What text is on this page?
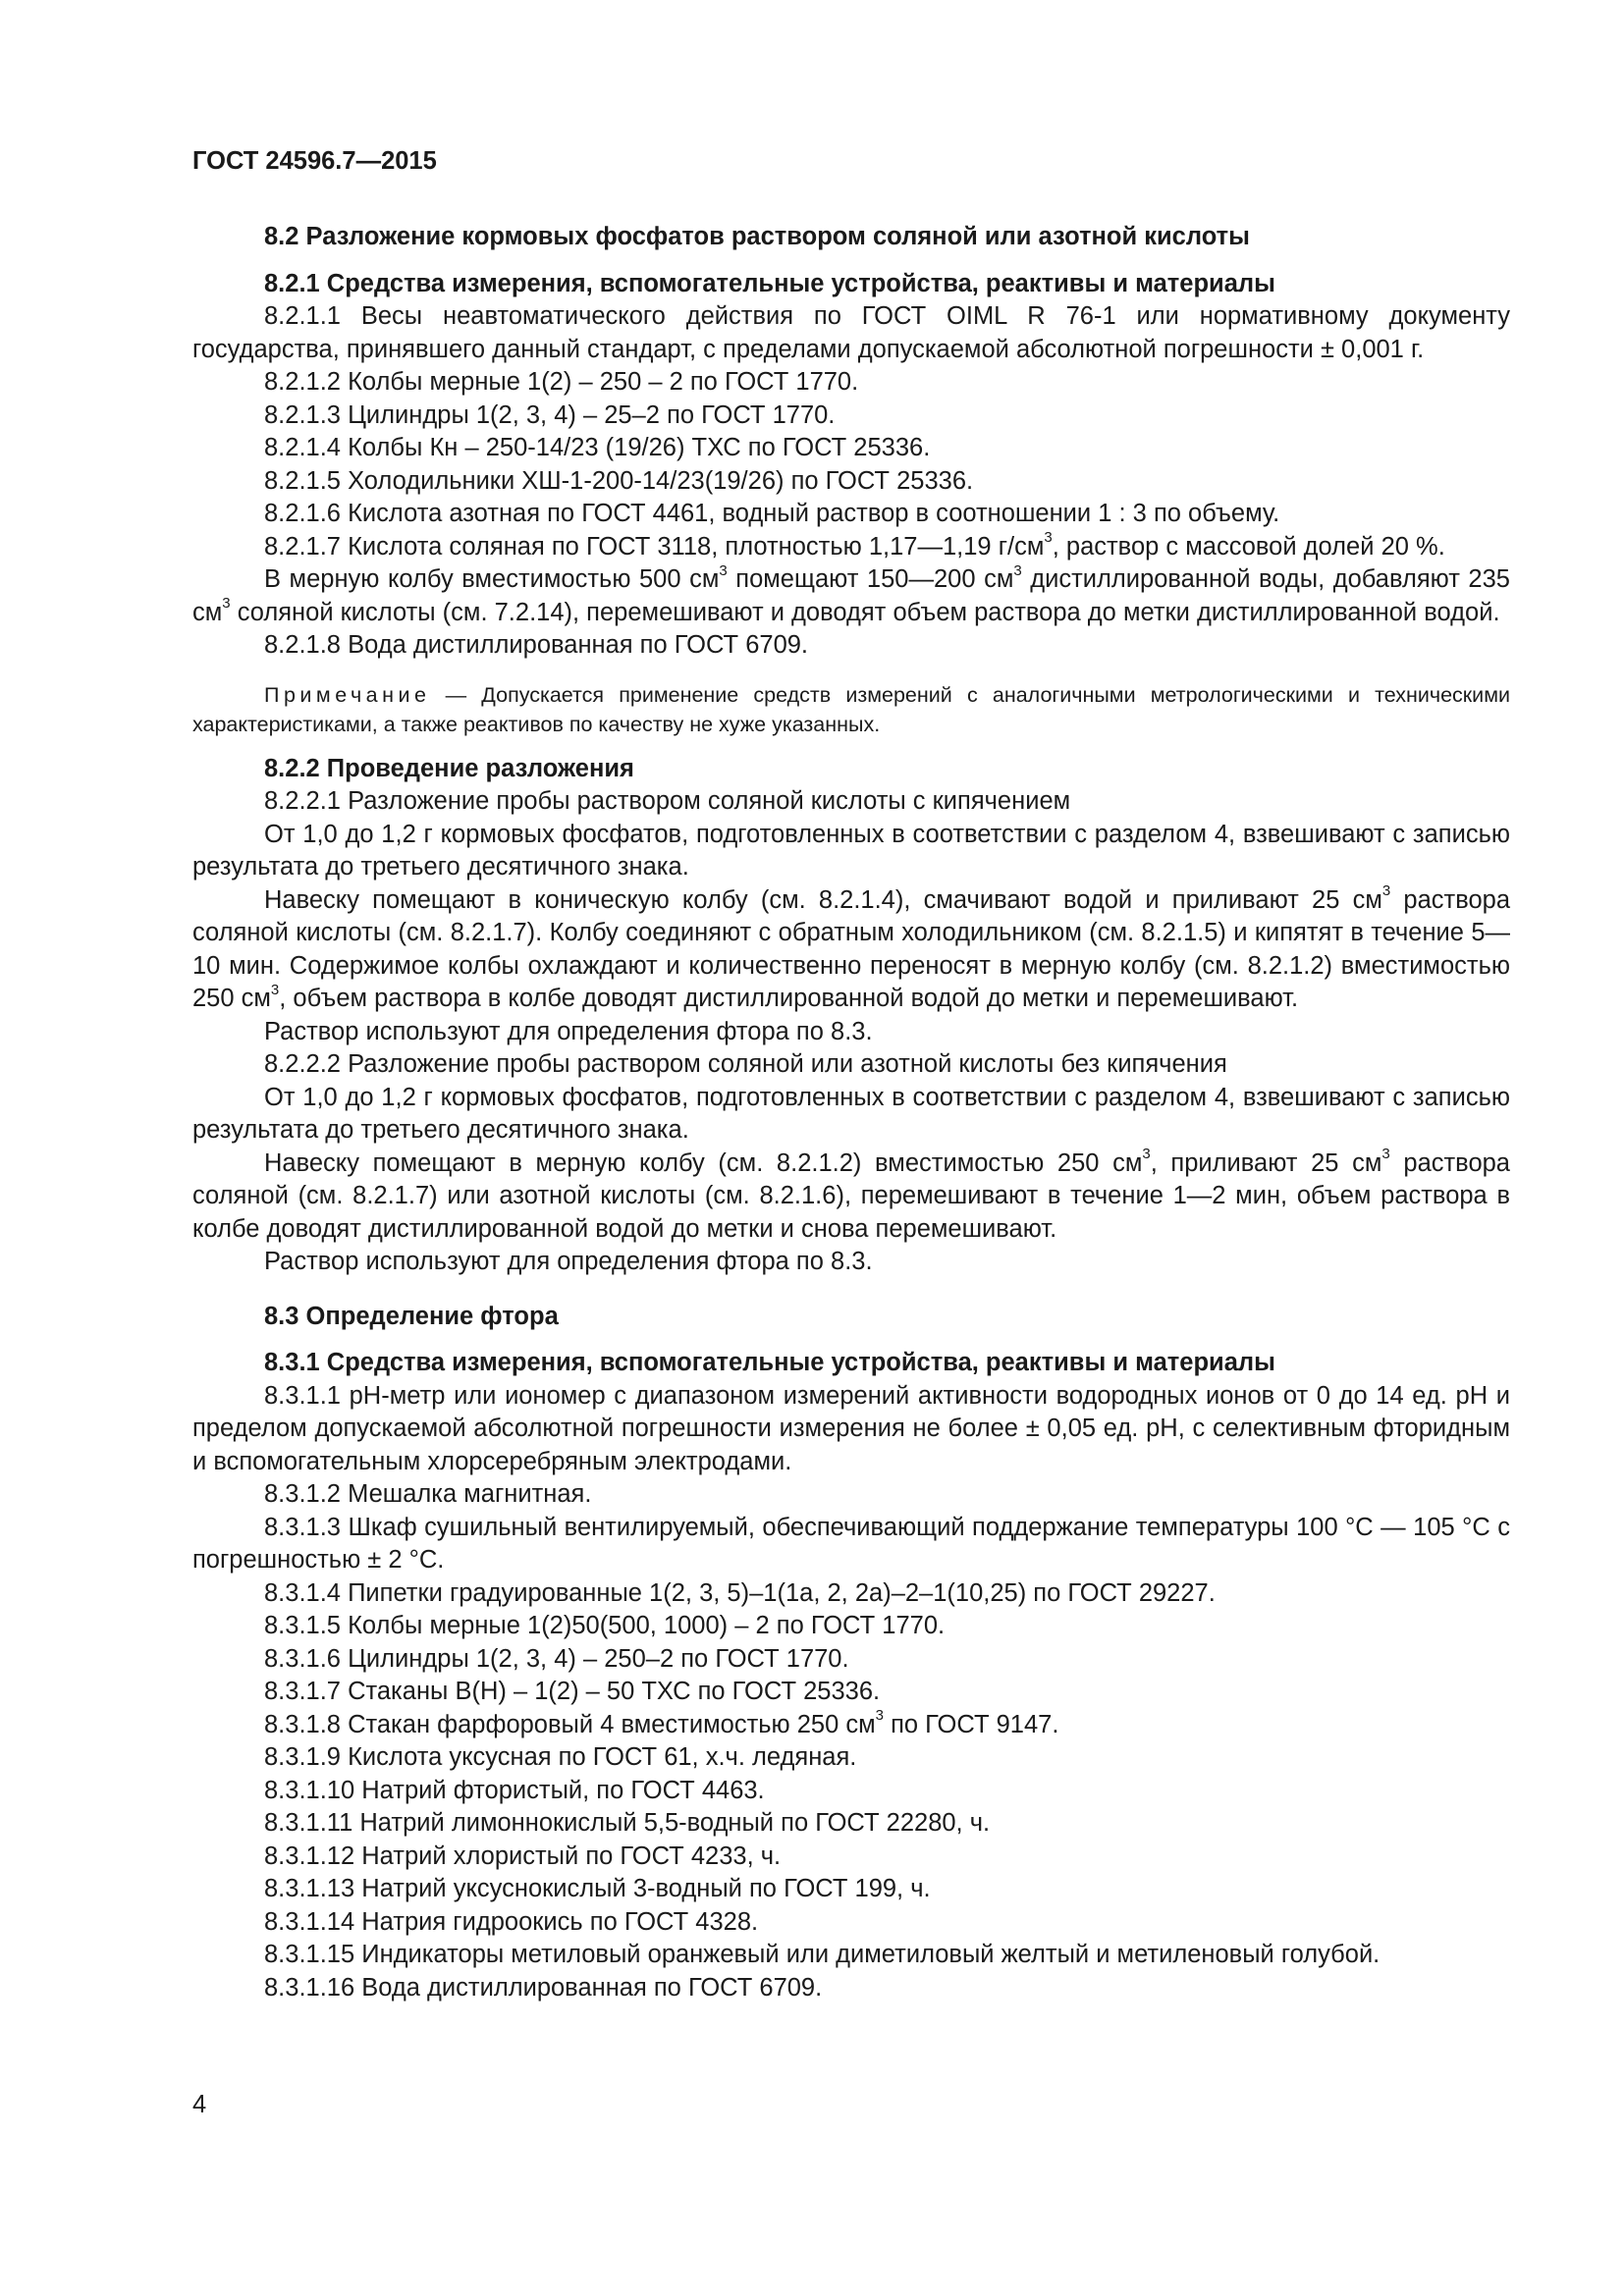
ГОСТ 24596.7—2015

8.2 Разложение кормовых фосфатов раствором соляной или азотной кислоты

8.2.1 Средства измерения, вспомогательные устройства, реактивы и материалы

8.2.1.1 Весы неавтоматического действия по ГОСТ OIML R 76-1 или нормативному документу государства, принявшего данный стандарт, с пределами допускаемой абсолютной погрешности ± 0,001 г.

8.2.1.2 Колбы мерные 1(2) – 250 – 2 по ГОСТ 1770.

8.2.1.3 Цилиндры 1(2, 3, 4) – 25–2 по ГОСТ 1770.

8.2.1.4 Колбы Кн – 250-14/23 (19/26) ТХС по ГОСТ 25336.

8.2.1.5 Холодильники ХШ-1-200-14/23(19/26) по ГОСТ 25336.

8.2.1.6 Кислота азотная по ГОСТ 4461, водный раствор в соотношении 1 : 3 по объему.

8.2.1.7 Кислота соляная по ГОСТ 3118, плотностью 1,17—1,19 $г/см^3$, раствор с массовой долей 20 %.

В мерную колбу вместимостью 500 $см^3$ помещают 150—200 $см^3$ дистиллированной воды, добавляют 235 $см^3$ соляной кислоты (см. 7.2.14), перемешивают и доводят объем раствора до метки дистиллированной водой.

8.2.1.8 Вода дистиллированная по ГОСТ 6709.

Примечание — Допускается применение средств измерений с аналогичными метрологическими и техническими характеристиками, а также реактивов по качеству не хуже указанных.

8.2.2 Проведение разложения

8.2.2.1 Разложение пробы раствором соляной кислоты с кипячением

От 1,0 до 1,2 г кормовых фосфатов, подготовленных в соответствии с разделом 4, взвешивают с записью результата до третьего десятичного знака.

Навеску помещают в коническую колбу (см. 8.2.1.4), смачивают водой и приливают 25 $см^3$ раствора соляной кислоты (см. 8.2.1.7). Колбу соединяют с обратным холодильником (см. 8.2.1.5) и кипятят в течение 5—10 мин. Содержимое колбы охлаждают и количественно переносят в мерную колбу (см. 8.2.1.2) вместимостью 250 $см^3$, объем раствора в колбе доводят дистиллированной водой до метки и перемешивают.

Раствор используют для определения фтора по 8.3.

8.2.2.2 Разложение пробы раствором соляной или азотной кислоты без кипячения

От 1,0 до 1,2 г кормовых фосфатов, подготовленных в соответствии с разделом 4, взвешивают с записью результата до третьего десятичного знака.

Навеску помещают в мерную колбу (см. 8.2.1.2) вместимостью 250 $см^3$, приливают 25 $см^3$ раствора соляной (см. 8.2.1.7) или азотной кислоты (см. 8.2.1.6), перемешивают в течение 1—2 мин, объем раствора в колбе доводят дистиллированной водой до метки и снова перемешивают.

Раствор используют для определения фтора по 8.3.

8.3 Определение фтора

8.3.1 Средства измерения, вспомогательные устройства, реактивы и материалы

8.3.1.1 pH-метр или иономер с диапазоном измерений активности водородных ионов от 0 до 14 ед. pH и пределом допускаемой абсолютной погрешности измерения не более ± 0,05 ед. pH, с селективным фторидным и вспомогательным хлорсеребряным электродами.

8.3.1.2 Мешалка магнитная.

8.3.1.3 Шкаф сушильный вентилируемый, обеспечивающий поддержание температуры 100 °С — 105 °С с погрешностью ± 2 °С.

8.3.1.4 Пипетки градуированные 1(2, 3, 5)–1(1а, 2, 2а)–2–1(10,25) по ГОСТ 29227.

8.3.1.5 Колбы мерные 1(2)50(500, 1000) – 2 по ГОСТ 1770.

8.3.1.6 Цилиндры 1(2, 3, 4) – 250–2 по ГОСТ 1770.

8.3.1.7 Стаканы В(Н) – 1(2) – 50 ТХС по ГОСТ 25336.

8.3.1.8 Стакан фарфоровый 4 вместимостью 250 $см^3$ по ГОСТ 9147.

8.3.1.9 Кислота уксусная по ГОСТ 61, х.ч. ледяная.

8.3.1.10 Натрий фтористый, по ГОСТ 4463.

8.3.1.11 Натрий лимоннокислый 5,5-водный по ГОСТ 22280, ч.

8.3.1.12 Натрий хлористый по ГОСТ 4233, ч.

8.3.1.13 Натрий уксуснокислый 3-водный по ГОСТ 199, ч.

8.3.1.14 Натрия гидроокись по ГОСТ 4328.

8.3.1.15 Индикаторы метиловый оранжевый или диметиловый желтый и метиленовый голубой.

8.3.1.16 Вода дистиллированная по ГОСТ 6709.

4
